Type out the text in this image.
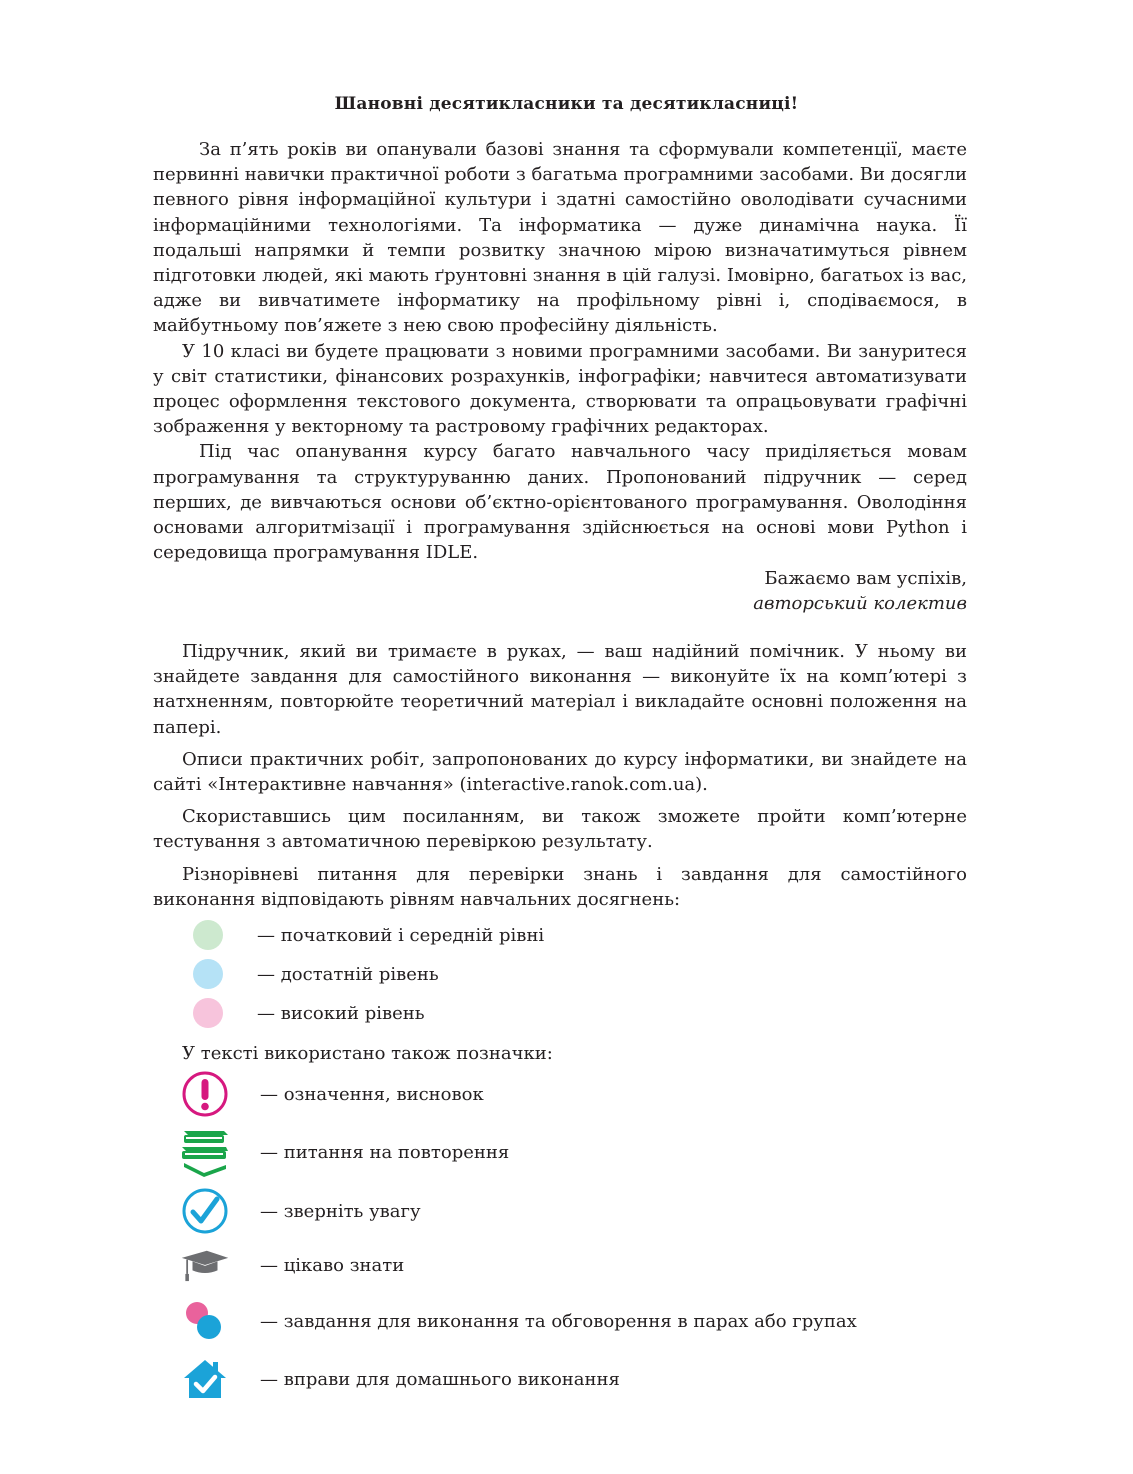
Шановні десятикласники та десятикласниці!

За п’ять років ви опанували базові знання та сформували компетенції, маєте первинні навички практичної роботи з багатьма програмними засобами. Ви досягли певного рівня інформаційної культури і здатні самостійно оволодівати сучасними інформаційними технологіями. Та інформатика — дуже динамічна наука. Її подальші напрямки й темпи розвитку значною мірою визначатимуться рівнем підготовки людей, які мають ґрунтовні знання в цій галузі. Імовірно, багатьох із вас, адже ви вивчатимете інформатику на профільному рівні і, сподіваємося, в майбутньому пов’яжете з нею свою професійну діяльність.

У 10 класі ви будете працювати з новими програмними засобами. Ви зануритеся у світ статистики, фінансових розрахунків, інфографіки; навчитеся автоматизувати процес оформлення текстового документа, створювати та опрацьовувати графічні зображення у векторному та растровому графічних редакторах.

Під час опанування курсу багато навчального часу приділяється мовам програмування та структуруванню даних. Пропонований підручник — серед перших, де вивчаються основи об’єктно-орієнтованого програмування. Оволодіння основами алгоритмізації і програмування здійснюється на основі мови Python і середовища програмування IDLE.

Бажаємо вам успіхів,
авторський колектив

Підручник, який ви тримаєте в руках, — ваш надійний помічник. У ньому ви знайдете завдання для самостійного виконання — виконуйте їх на комп’ютері з натхненням, повторюйте теоретичний матеріал і викладайте основні положення на папері.

Описи практичних робіт, запропонованих до курсу інформатики, ви знайдете на сайті «Інтерактивне навчання» (interactive.ranok.com.ua).

Скориставшись цим посиланням, ви також зможете пройти комп’ютерне тестування з автоматичною перевіркою результату.

Різнорівневі питання для перевірки знань і завдання для самостійного виконання відповідають рівням навчальних досягнень:

— початковий і середній рівні
— достатній рівень
— високий рівень
У тексті використано також позначки:
— означення, висновок
— питання на повторення
— зверніть увагу
— цікаво знати
— завдання для виконання та обговорення в парах або групах
— вправи для домашнього виконання
